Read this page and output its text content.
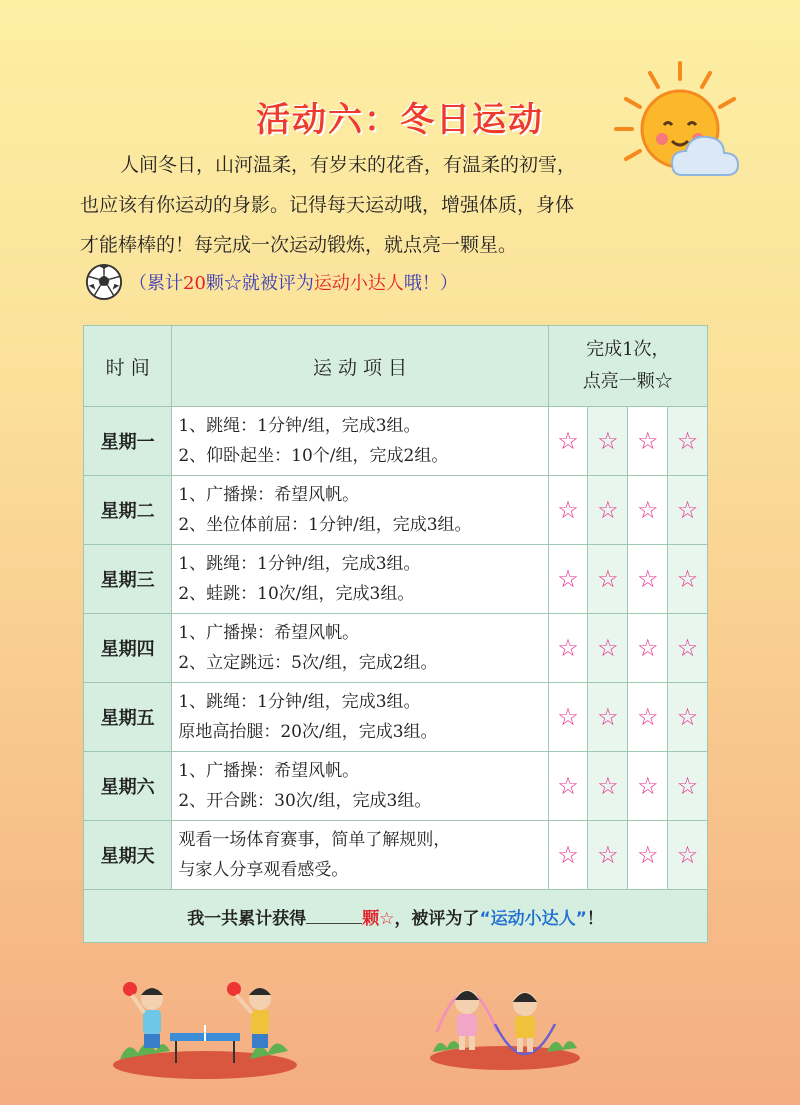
活动六：冬日运动

人间冬日，山河温柔，有岁末的花香，有温柔的初雪，

也应该有你运动的身影。记得每天运动哦，增强体质，身体

才能棒棒的！每完成一次运动锻炼，就点亮一颗星。

（累计20颗☆就被评为运动小达人哦！）
时 间	运 动 项 目	完成1次，
点亮一颗☆			

星期一	1、跳绳：1分钟/组，完成3组。
2、仰卧起坐：10个/组，完成2组。	☆	☆	☆	☆
星期二	1、广播操：希望风帆。
2、坐位体前屈：1分钟/组，完成3组。	☆	☆	☆	☆
星期三	1、跳绳：1分钟/组，完成3组。
2、蛙跳：10次/组，完成3组。	☆	☆	☆	☆
星期四	1、广播操：希望风帆。
2、立定跳远：5次/组，完成2组。	☆	☆	☆	☆
星期五	1、跳绳：1分钟/组，完成3组。
原地高抬腿：20次/组，完成3组。	☆	☆	☆	☆
星期六	1、广播操：希望风帆。
2、开合跳：30次/组，完成3组。	☆	☆	☆	☆
星期天	观看一场体育赛事，简单了解规则，
与家人分享观看感受。	☆	☆	☆	☆
我一共累计获得 颗☆，被评为了“运动小达人”！					
